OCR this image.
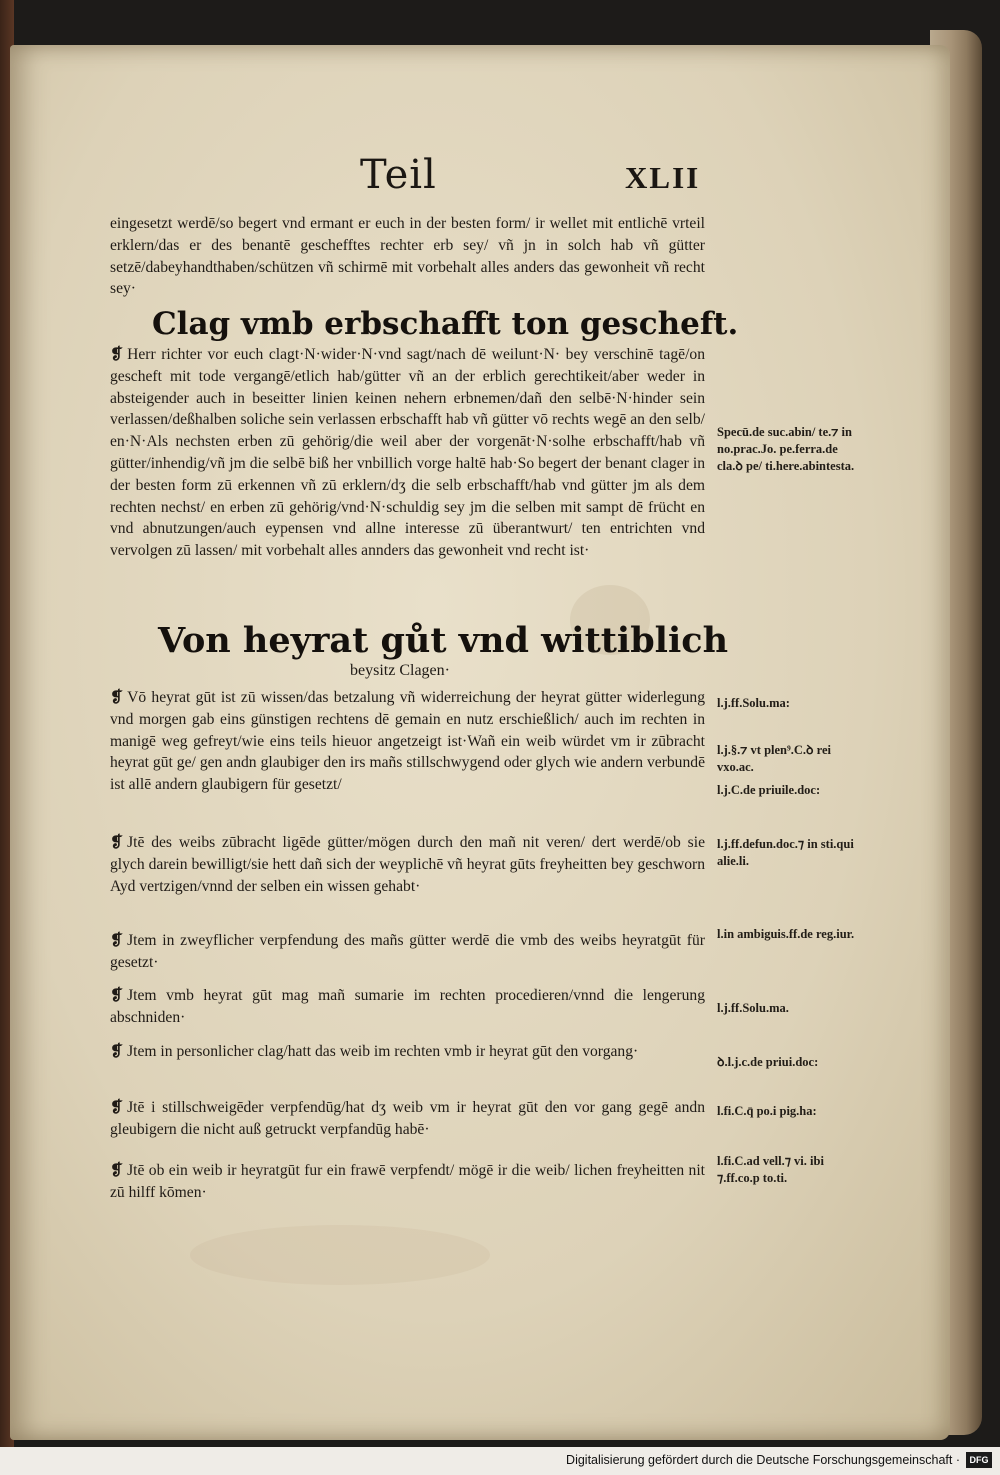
Teil	XLII
eingesetzt werdē/so begert vnd ermant er euch in der besten form/ ir wellet mit entlichē vrteil erklern/das er des benantē geschefftes rechter erb sey/ vñ jn in solch hab vñ gütter setzē/dabeyhandthaben/schützen vñ schirmē mit vorbehalt alles anders das gewonheit vñ recht sey·
Clag vmb erbschafft ton gescheft.
❡ Herr richter vor euch clagt·N·wider·N·vnd sagt/nach dē weilunt·N· bey verschinē tagē/on gescheft mit tode vergangē/etlich hab/gütter vñ an der erblich gerechtikeit/aber weder in absteigender auch in beseitter linien keinen nehern erbnemen/dañ den selbē·N·hinder sein verlassen/deßhalben soliche sein verlassen erbschafft hab vñ gütter vō rechts wegē an den selb/ en·N·Als nechsten erben zū gehörig/die weil aber der vorgenāt·N·solhe erbschafft/hab vñ gütter/inhendig/vñ jm die selbē biß her vnbillich vorge haltē hab·So begert der benant clager in der besten form zū erkennen vñ zū erklern/dʒ die selb erbschafft/hab vnd gütter jm als dem rechten nechst/ en erben zū gehörig/vnd·N·schuldig sey jm die selben mit sampt dē frücht en vnd abnutzungen/auch eypensen vnd allne interesse zū überantwurt/ ten entrichten vnd vervolgen zū lassen/ mit vorbehalt alles annders das gewonheit vnd recht ist·
Specū.de suc.abin/ te.⁊ in no.prac.Jo. pe.ferra.de cla.ꝺ pe/ ti.here.abintesta.
Von heyrat gůt vnd wittiblich
beysitz Clagen·
❡ Vō heyrat gūt ist zū wissen/das betzalung vñ widerreichung der heyrat gütter widerlegung vnd morgen gab eins günstigen rechtens dē gemain en nutz erschießlich/ auch im rechten in manigē weg gefreyt/wie eins teils hieuor angetzeigt ist·Wañ ein weib würdet vm ir zūbracht heyrat gūt ge/ gen andn glaubiger den irs mañs stillschwygend oder glych wie andern verbundē ist allē andern glaubigern für gesetzt/
l.j.ff.Solu.ma:
l.j.§.⁊ vt plen⁹.C.ꝺ rei vxo.ac.
l.j.C.de priuile.doc:
❡ Jtē des weibs zūbracht ligēde gütter/mögen durch den mañ nit veren/ dert werdē/ob sie glych darein bewilligt/sie hett dañ sich der weyplichē vñ heyrat gūts freyheitten bey geschworn Ayd vertzigen/vnnd der selben ein wissen gehabt·
l.j.ff.defun.doc.⁊ in sti.qui alie.li.
❡ Jtem in zweyflicher verpfendung des mañs gütter werdē die vmb des weibs heyratgūt für gesetzt·
l.in ambiguis.ff.de reg.iur.
❡ Jtem vmb heyrat gūt mag mañ sumarie im rechten procedieren/vnnd die lengerung abschniden·
l.j.ff.Solu.ma.
❡ Jtem in personlicher clag/hatt das weib im rechten vmb ir heyrat gūt den vorgang·
ꝺ.l.j.c.de priui.doc:
❡ Jtē i stillschweigēder verpfendūg/hat dʒ weib vm ir heyrat gūt den vor gang gegē andn gleubigern die nicht auß getruckt verpfandūg habē·
l.fi.C.q̄ po.i pig.ha:
❡ Jtē ob ein weib ir heyratgūt fur ein frawē verpfendt/ mögē ir die weib/ lichen freyheitten nit zū hilff kōmen·
l.fi.C.ad vell.⁊ vi. ibi ⁊.ff.co.p to.ti.
Digitalisierung gefördert durch die Deutsche Forschungsgemeinschaft ·	DFG
